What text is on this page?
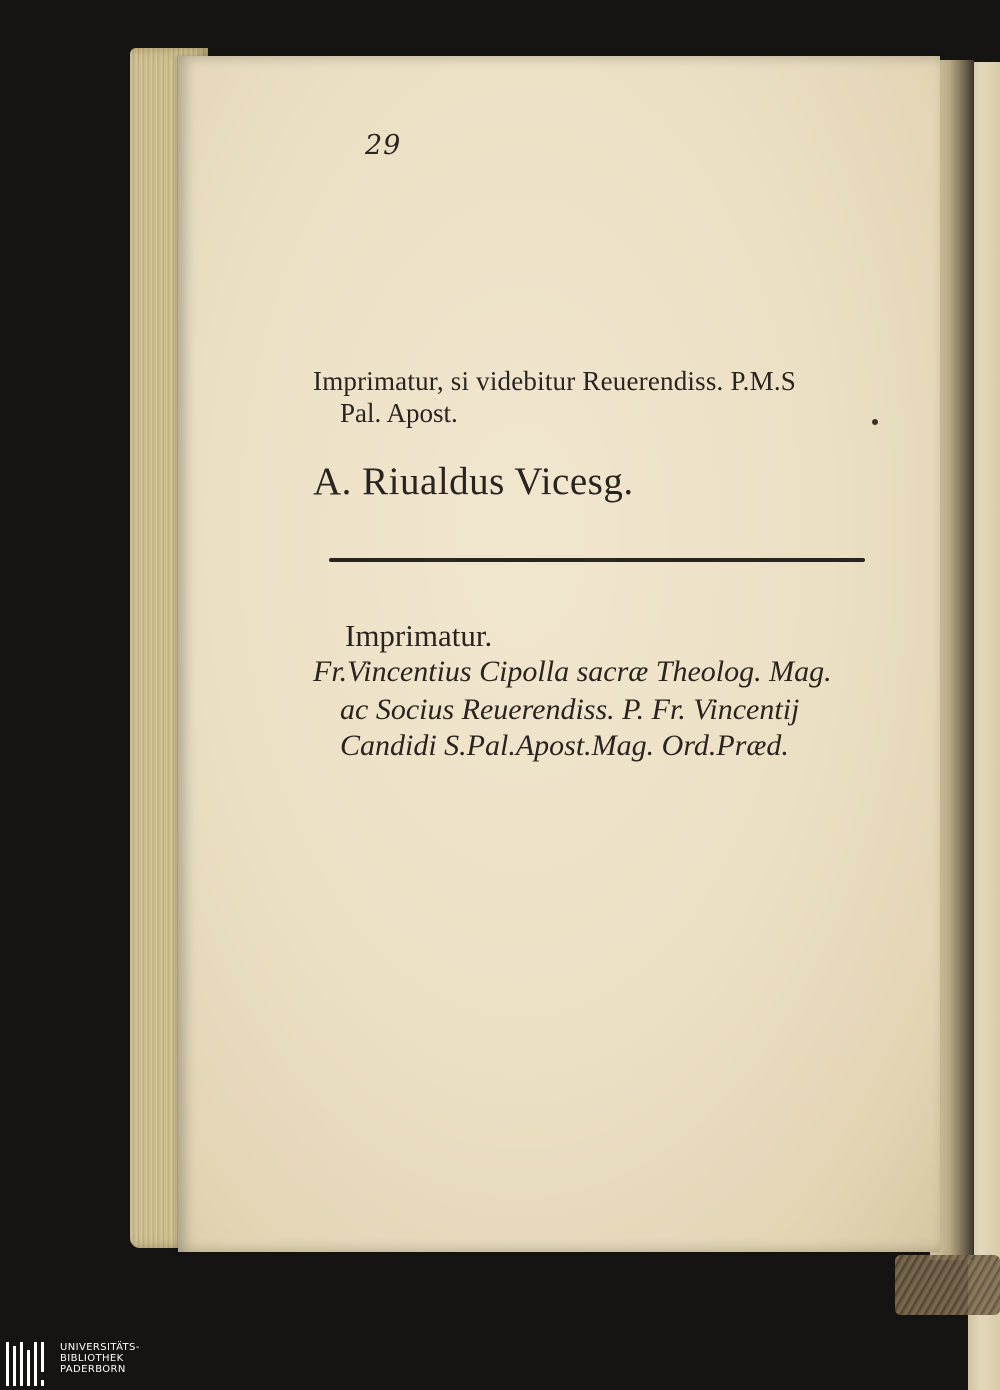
29
Imprimatur, si videbitur Reuerendiss. P.M.S
Pal. Apost.
A. Riualdus Vicesg.
Imprimatur.
Fr.Vincentius Cipolla sacræ Theolog. Mag.
ac Socius Reuerendiss. P. Fr. Vincentij
Candidi S.Pal.Apost.Mag. Ord.Præd.
UNIVERSITÄTS-
BIBLIOTHEK
PADERBORN
